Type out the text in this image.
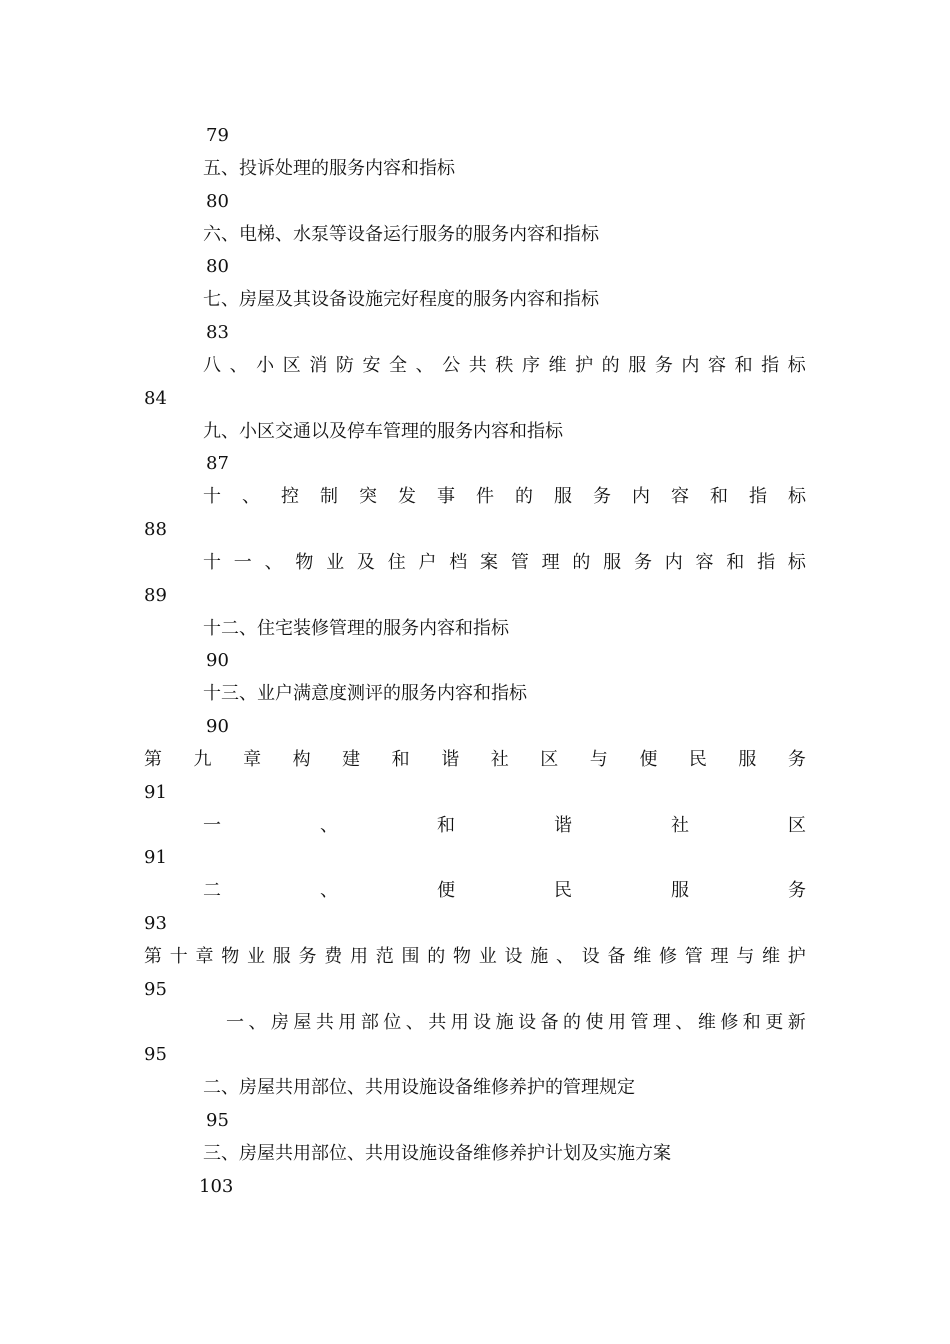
79
五、投诉处理的服务内容和指标
80
六、电梯、水泵等设备运行服务的服务内容和指标
80
七、房屋及其设备设施完好程度的服务内容和指标
83
八 、 小 区 消 防 安 全 、 公 共 秩 序 维 护 的 服 务 内 容 和 指 标
84
九、小区交通以及停车管理的服务内容和指标
87
十 、 控 制 突 发 事 件 的 服 务 内 容 和 指 标
88
十 一 、 物 业 及 住 户 档 案 管 理 的 服 务 内 容 和 指 标
89
十二、住宅装修管理的服务内容和指标
90
十三、业户满意度测评的服务内容和指标
90
第 九 章 构 建 和 谐 社 区 与 便 民 服 务
91
一	、	和	谐	社	区
91
二	、	便	民	服	务
93
第 十 章 物 业 服 务 费 用 范 围 的 物 业 设 施 、 设 备 维 修 管 理 与 维 护
95
一 、 房 屋 共 用 部 位 、 共 用 设 施 设 备 的 使 用 管 理 、 维 修 和 更 新
95
二、房屋共用部位、共用设施设备维修养护的管理规定
95
三、房屋共用部位、共用设施设备维修养护计划及实施方案
103
